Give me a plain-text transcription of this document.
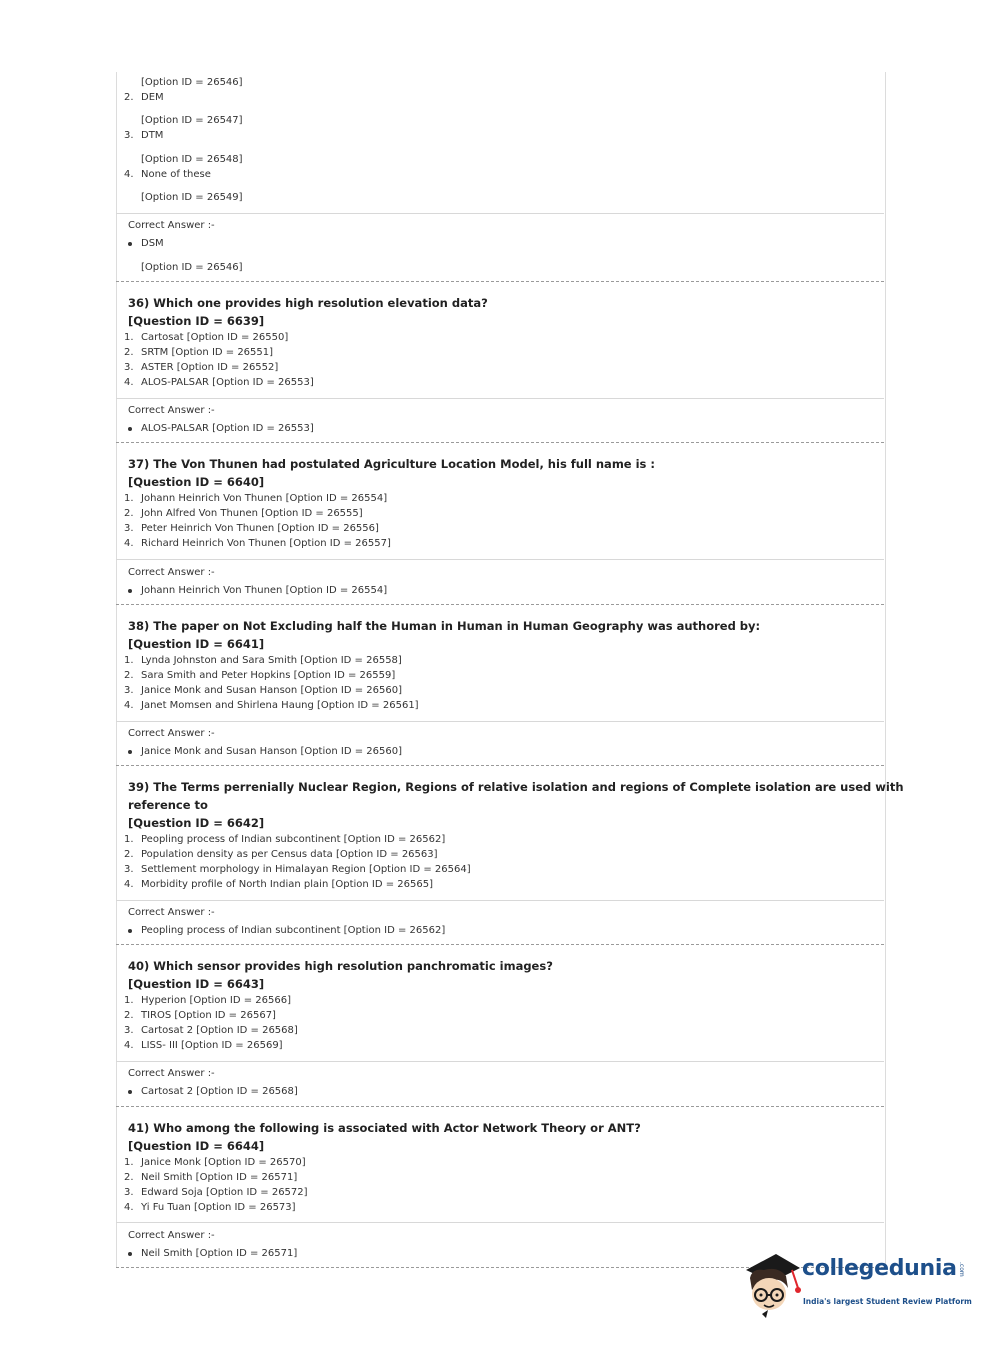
[Option ID = 26546]
2. DEM
[Option ID = 26547]
3. DTM
[Option ID = 26548]
4. None of these
[Option ID = 26549]
Correct Answer :-
DSM
[Option ID = 26546]
36) Which one provides high resolution elevation data?
[Question ID = 6639]
1. Cartosat [Option ID = 26550]
2. SRTM [Option ID = 26551]
3. ASTER [Option ID = 26552]
4. ALOS-PALSAR [Option ID = 26553]
Correct Answer :-
ALOS-PALSAR [Option ID = 26553]
37) The Von Thunen had postulated Agriculture Location Model, his full name is :
[Question ID = 6640]
1. Johann Heinrich Von Thunen [Option ID = 26554]
2. John Alfred Von Thunen [Option ID = 26555]
3. Peter Heinrich Von Thunen [Option ID = 26556]
4. Richard Heinrich Von Thunen [Option ID = 26557]
Correct Answer :-
Johann Heinrich Von Thunen [Option ID = 26554]
38) The paper on Not Excluding half the Human in Human in Human Geography was authored by:
[Question ID = 6641]
1. Lynda Johnston and Sara Smith [Option ID = 26558]
2. Sara Smith and Peter Hopkins [Option ID = 26559]
3. Janice Monk and Susan Hanson [Option ID = 26560]
4. Janet Momsen and Shirlena Haung [Option ID = 26561]
Correct Answer :-
Janice Monk and Susan Hanson [Option ID = 26560]
39) The Terms perrenially Nuclear Region, Regions of relative isolation and regions of Complete isolation are used with
reference to
[Question ID = 6642]
1. Peopling process of Indian subcontinent [Option ID = 26562]
2. Population density as per Census data [Option ID = 26563]
3. Settlement morphology in Himalayan Region [Option ID = 26564]
4. Morbidity profile of North Indian plain [Option ID = 26565]
Correct Answer :-
Peopling process of Indian subcontinent [Option ID = 26562]
40) Which sensor provides high resolution panchromatic images?
[Question ID = 6643]
1. Hyperion [Option ID = 26566]
2. TIROS [Option ID = 26567]
3. Cartosat 2 [Option ID = 26568]
4. LISS- III [Option ID = 26569]
Correct Answer :-
Cartosat 2 [Option ID = 26568]
41) Who among the following is associated with Actor Network Theory or ANT?
[Question ID = 6644]
1. Janice Monk [Option ID = 26570]
2. Neil Smith [Option ID = 26571]
3. Edward Soja [Option ID = 26572]
4. Yi Fu Tuan [Option ID = 26573]
Correct Answer :-
Neil Smith [Option ID = 26571]
collegedunia .com
India's largest Student Review Platform
